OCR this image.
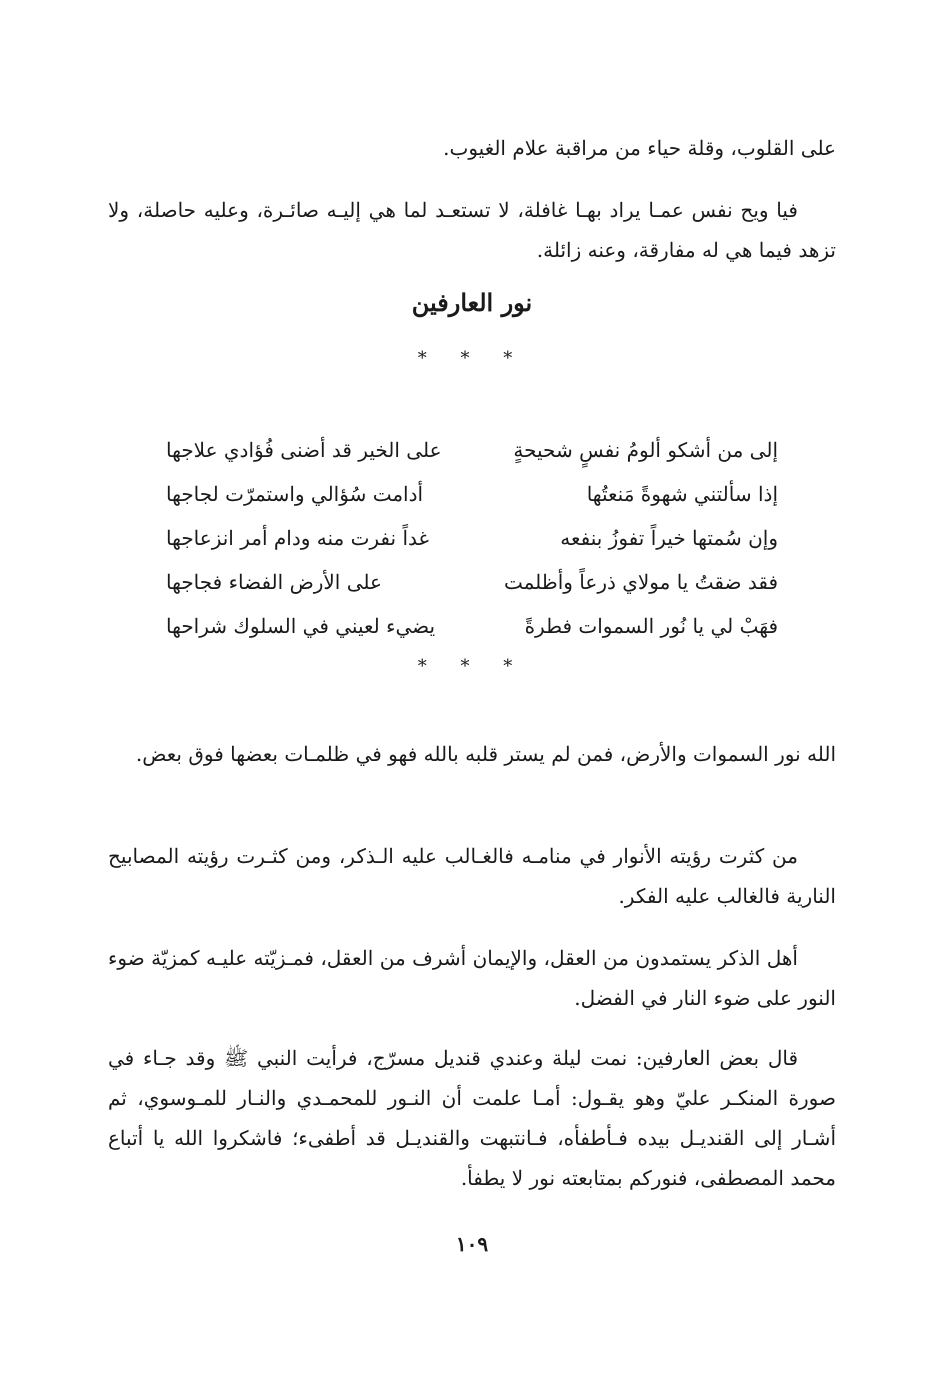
على القلوب، وقلة حياء من مراقبة علام الغيوب.

فيا ويح نفس عمـا يراد بهـا غافلة، لا تستعـد لما هي إليـه صائـرة، وعليه حاصلة، ولا تزهد فيما هي له مفارقة، وعنه زائلة.

نور العارفين
* * *
إلى من أشكو ألومُ نفسٍ شحيحةٍ
على الخير قد أضنى فُؤادي علاجها
إذا سألتني شهوةً مَنعتُها
أدامت سُؤالي واستمرّت لجاجها
وإن سُمتها خيراً تفوزُ بنفعه
غداً نفرت منه ودام أمر انزعاجها
فقد ضقتُ يا مولاي ذرعاً وأظلمت
على الأرض الفضاء فجاجها
فهَبْ لي يا نُور السموات فطرةً
يضيء لعيني في السلوك شراحها
* * *

الله نور السموات والأرض، فمن لم يستر قلبه بالله فهو في ظلمـات بعضها فوق بعض.

من كثرت رؤيته الأنوار في منامـه فالغـالب عليه الـذكر، ومن كثـرت رؤيته المصابيح النارية فالغالب عليه الفكر.

أهل الذكر يستمدون من العقل، والإيمان أشرف من العقل، فمـزيّته عليـه كمزيّة ضوء النور على ضوء النار في الفضل.

قال بعض العارفين: نمت ليلة وعندي قنديل مسرّج، فرأيت النبي ﷺ وقد جـاء في صورة المنكـر عليّ وهو يقـول: أمـا علمت أن النـور للمحمـدي والنـار للمـوسوي، ثم أشـار إلى القنديـل بيده فـأطفأه، فـانتبهت والقنديـل قد أطفىء؛ فاشكروا الله يا أتباع محمد المصطفى، فنوركم بمتابعته نور لا يطفأ.

١٠٩
